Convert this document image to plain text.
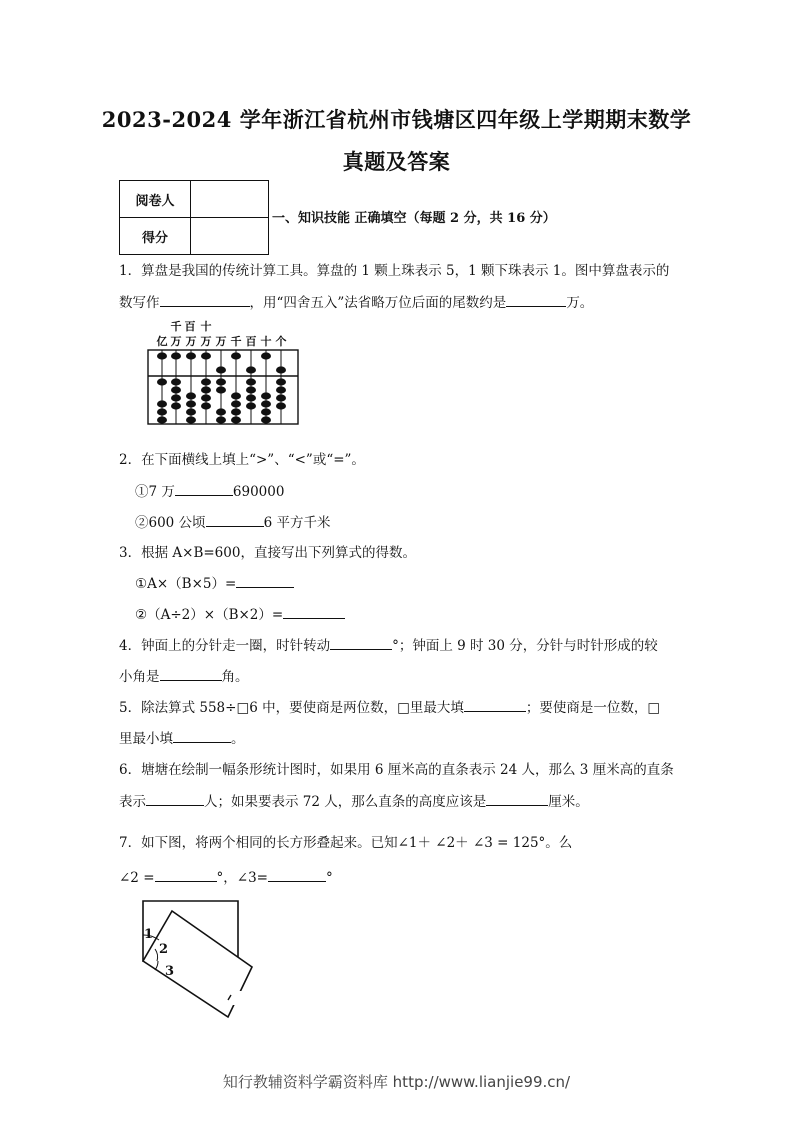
2023-2024 学年浙江省杭州市钱塘区四年级上学期期末数学
真题及答案
阅卷人	
得分	
一、知识技能 正确填空（每题 2 分，共 16 分）
1．算盘是我国的传统计算工具。算盘的 1 颗上珠表示 5，1 颗下珠表示 1。图中算盘表示的
数写作	，用“四舍五入”法省略万位后面的尾数约是	万。
千 百 十
亿 万 万 万 万 千 百 十 个
2．在下面横线上填上“>”、“<”或“=”。
①7 万	690000
②600 公顷	6 平方千米
3．根据 A×B=600，直接写出下列算式的得数。
①A×（B×5）=
②（A÷2）×（B×2）=
4．钟面上的分针走一圈，时针转动	°；钟面上 9 时 30 分，分针与时针形成的较
小角是	角。
5．除法算式 558÷□6 中，要使商是两位数，□里最大填	；要使商是一位数，□
里最小填	。
6．塘塘在绘制一幅条形统计图时，如果用 6 厘米高的直条表示 24 人，那么 3 厘米高的直条
表示	人；如果要表示 72 人，那么直条的高度应该是	厘米。
7．如下图，将两个相同的长方形叠起来。已知∠1＋ ∠2＋ ∠3 = 125°。么
∠2 =	°，∠3=	°
1
2
3
知行教辅资料学霸资料库 http://www.lianjie99.cn/
